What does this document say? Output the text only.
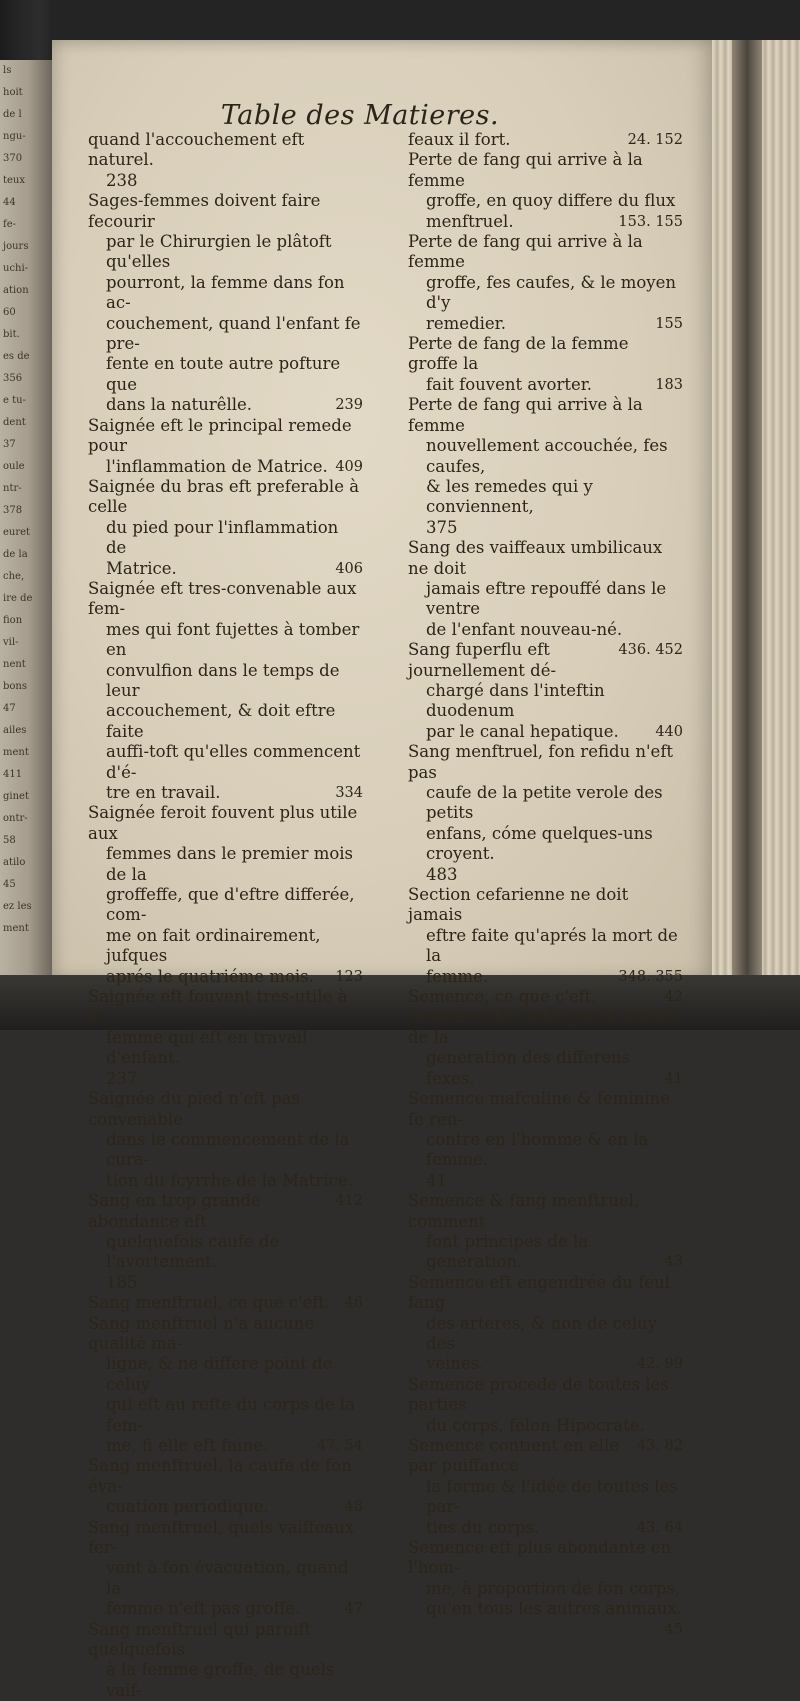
ls
hoit
de l
ngu-
370
teux
44
fe-
jours
uchi-
ation
60
bit.
es de
356
e tu-
dent
37
oule
ntr-
378
euret
de la
che,
ire de
fion
vil-
nent
bons
47
ailes
ment
411
ginet
ontr-
58
atilo
45
ez les
ment
Table des Matieres.
quand l'accouchement eft naturel.
238
Sages-femmes doivent faire fecourir
par le Chirurgien le plâtoft qu'elles
pourront, la femme dans fon ac-
couchement, quand l'enfant fe pre-
fente en toute autre pofture que
dans la naturêlle.	239
Saignée eft le principal remede pour
l'inflammation de Matrice. 409
Saignée du bras eft preferable à celle
du pied pour l'inflammation de
Matrice.	406
Saignée eft tres-convenable aux fem-
mes qui font fujettes à tomber en
convulfion dans le temps de leur
accouchement, & doit eftre faite
auffi-toft qu'elles commencent d'é-
tre en travail.	334
Saignée feroit fouvent plus utile aux
femmes dans le premier mois de la
groffeffe, que d'eftre differée, com-
me on fait ordinairement, jufques
aprés le quatriéme mois. 123
Saignée eft fouvent tres-utile à la
femme qui eft en travail d'enfant.
237
Saignée du pied n'eft pas convenable
dans le commencement de la cura-
tion du fcyrrhe de la Matrice.
412
Sang en trop grande abondance eft
quelquefois caufe de l'avortement.
185
Sang menftruel, ce que c'eft. 46
Sang menftruel n'a aucune qualité ma-
ligne, & ne differe point de celuy
qui eft au refte du corps de la fem-
me, fi elle eft faine.	47. 54
Sang menftruel, la caufe de fon éva-
cuation periodique.	48
Sang menftruel, quels vaiffeaux fer-
vent à fon évacuation, quand la
femme n'eft pas groffe.	47
Sang menftruel qui paroift quelquefois
à la femme groffe, de quels vaif-
feaux il fort.	24. 152
Perte de fang qui arrive à la femme
groffe, en quoy differe du flux
menftruel.	153. 155
Perte de fang qui arrive à la femme
groffe, fes caufes, & le moyen d'y
remedier.	155
Perte de fang de la femme groffe la
fait fouvent avorter.	183
Perte de fang qui arrive à la femme
nouvellement accouchée, fes caufes,
& les remedes qui y conviennent,
375
Sang des vaiffeaux umbilicaux ne doit
jamais eftre repouffé dans le ventre
de l'enfant nouveau-né.
436. 452
Sang fuperflu eft journellement dé-
chargé dans l'inteftin duodenum
par le canal hepatique.	440
Sang menftruel, fon refidu n'eft pas
caufe de la petite verole des petits
enfans, cóme quelques-uns croyent.
483
Section cefarienne ne doit jamais
eftre faite qu'aprés la mort de la
femme.	348. 355
Semence, ce que c'eft.	42
Semence eft caufe par fa qualité de la
generation des differens fexes.	41
Semence mafculine & feminine fe ren-
contre en l'homme & en la femme.
41
Semence & fang menftruel, comment
font principes de la generation.	43
Semence eft engendrée du feul fang
des arteres, & non de celuy des
veines.	42. 99
Semence procede de toutes les parties
du corps, felon Hipocrate.
43. 82
Semence contient en elle par puiffance
la forme & l'idée de toutes les par-
ties du corps.	43. 64
Semence eft plus abondante en l'hom-
me, à proportion de fon corps,
qu'en tous les autres animaux.
45
